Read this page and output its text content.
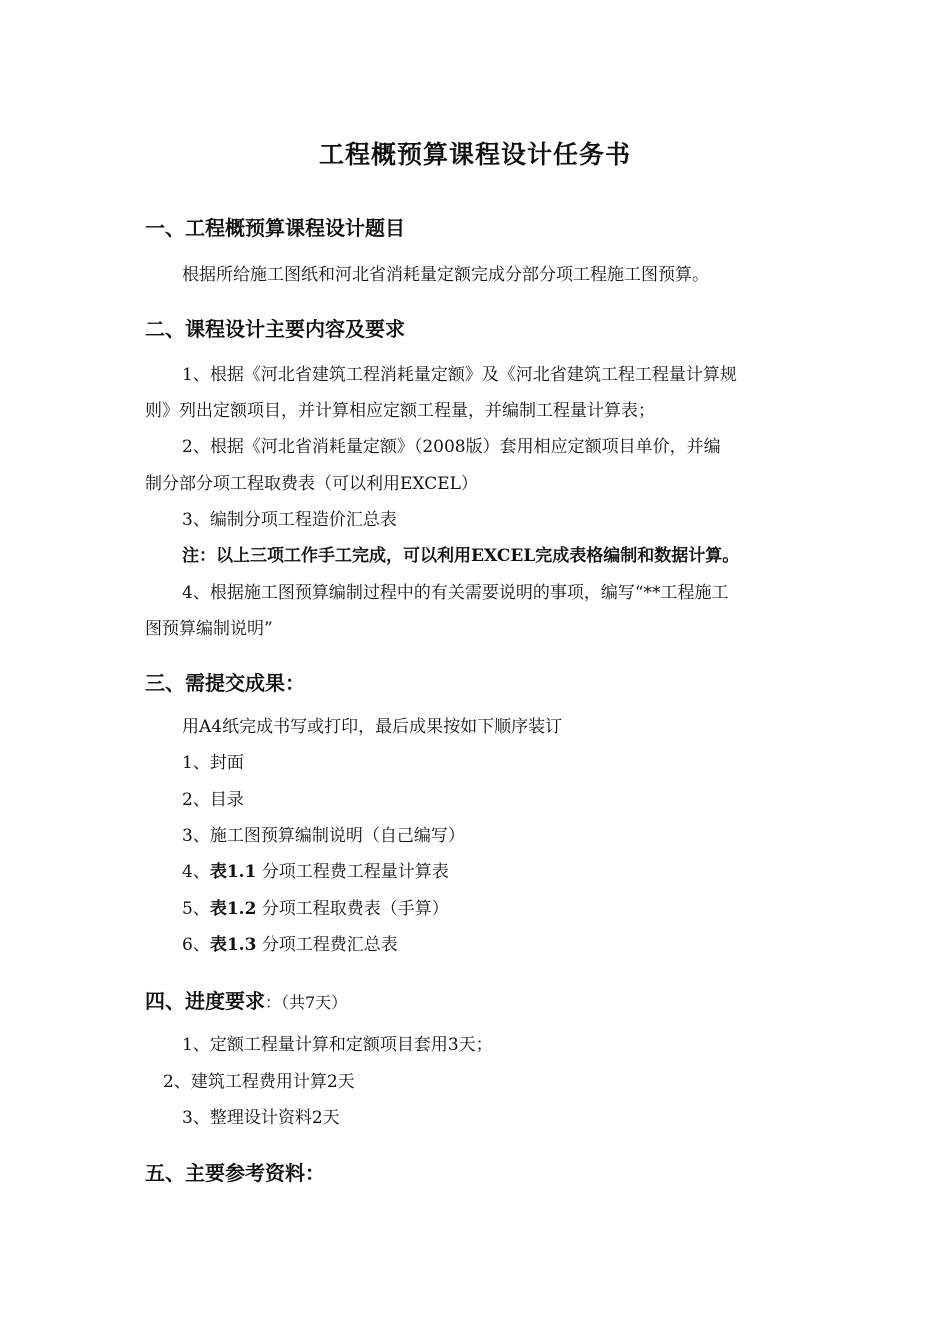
工程概预算课程设计任务书
一、工程概预算课程设计题目
根据所给施工图纸和河北省消耗量定额完成分部分项工程施工图预算。
二、课程设计主要内容及要求
1、根据《河北省建筑工程消耗量定额》及《河北省建筑工程工程量计算规
则》列出定额项目，并计算相应定额工程量，并编制工程量计算表；
2、根据《河北省消耗量定额》（2008版）套用相应定额项目单价，并编
制分部分项工程取费表（可以利用EXCEL）
3、编制分项工程造价汇总表
注：以上三项工作手工完成，可以利用EXCEL完成表格编制和数据计算。
4、根据施工图预算编制过程中的有关需要说明的事项，编写“**工程施工
图预算编制说明”
三、需提交成果：
用A4纸完成书写或打印，最后成果按如下顺序装订
1、封面
2、目录
3、施工图预算编制说明（自己编写）
4、表1.1 分项工程费工程量计算表
5、表1.2 分项工程取费表（手算）
6、表1.3 分项工程费汇总表
四、进度要求：（共7天）
1、定额工程量计算和定额项目套用3天；
2、建筑工程费用计算2天
3、整理设计资料2天
五、主要参考资料：
